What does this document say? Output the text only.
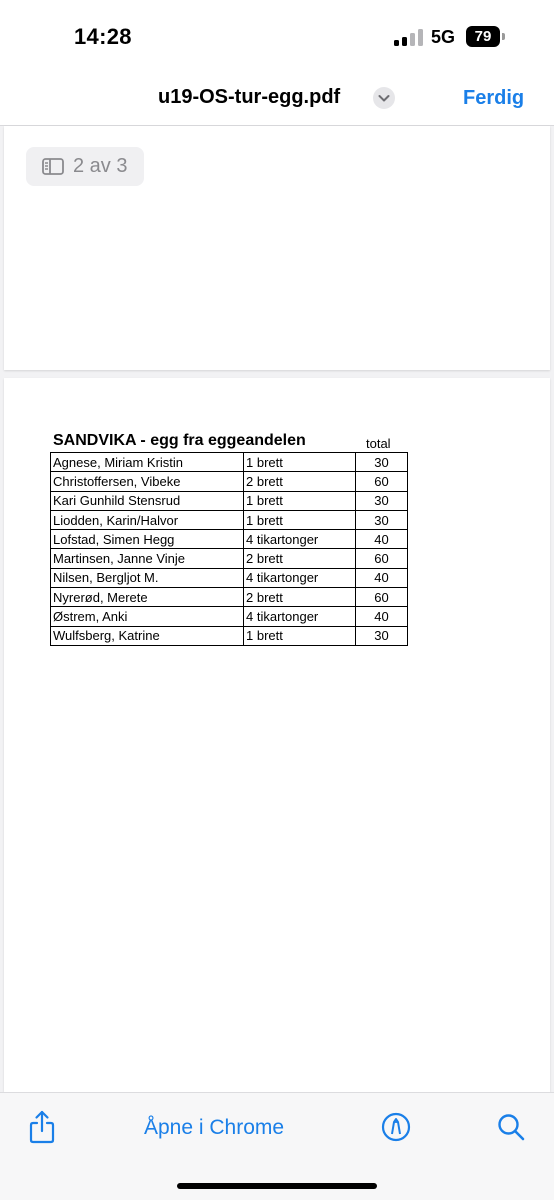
14:28	5G	79
u19-OS-tur-egg.pdf	Ferdig
2 av 3
SANDVIKA - egg fra eggeandelen	total
Agnese, Miriam Kristin	1 brett	30
Christoffersen, Vibeke	2 brett	60
Kari Gunhild Stensrud	1 brett	30
Liodden, Karin/Halvor	1 brett	30
Lofstad, Simen Hegg	4 tikartonger	40
Martinsen, Janne Vinje	2 brett	60
Nilsen, Bergljot M.	4 tikartonger	40
Nyrerød, Merete	2 brett	60
Østrem, Anki	4 tikartonger	40
Wulfsberg, Katrine	1 brett	30
Åpne i Chrome
